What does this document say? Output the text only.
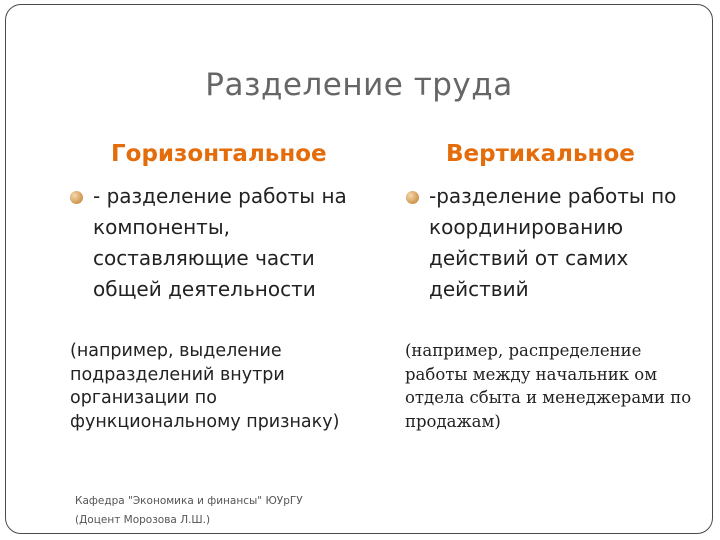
Разделение труда
Горизонтальное	Вертикальное
- разделение работы на компоненты, составляющие части общей деятельности
-разделение работы по координированию действий от самих действий
(например, выделение подразделений внутри организации по функциональному признаку)
(например, распределение работы между начальник ом отдела сбыта и менеджерами по продажам)
Кафедра "Экономика и финансы" ЮУрГУ
(Доцент Морозова Л.Ш.)
